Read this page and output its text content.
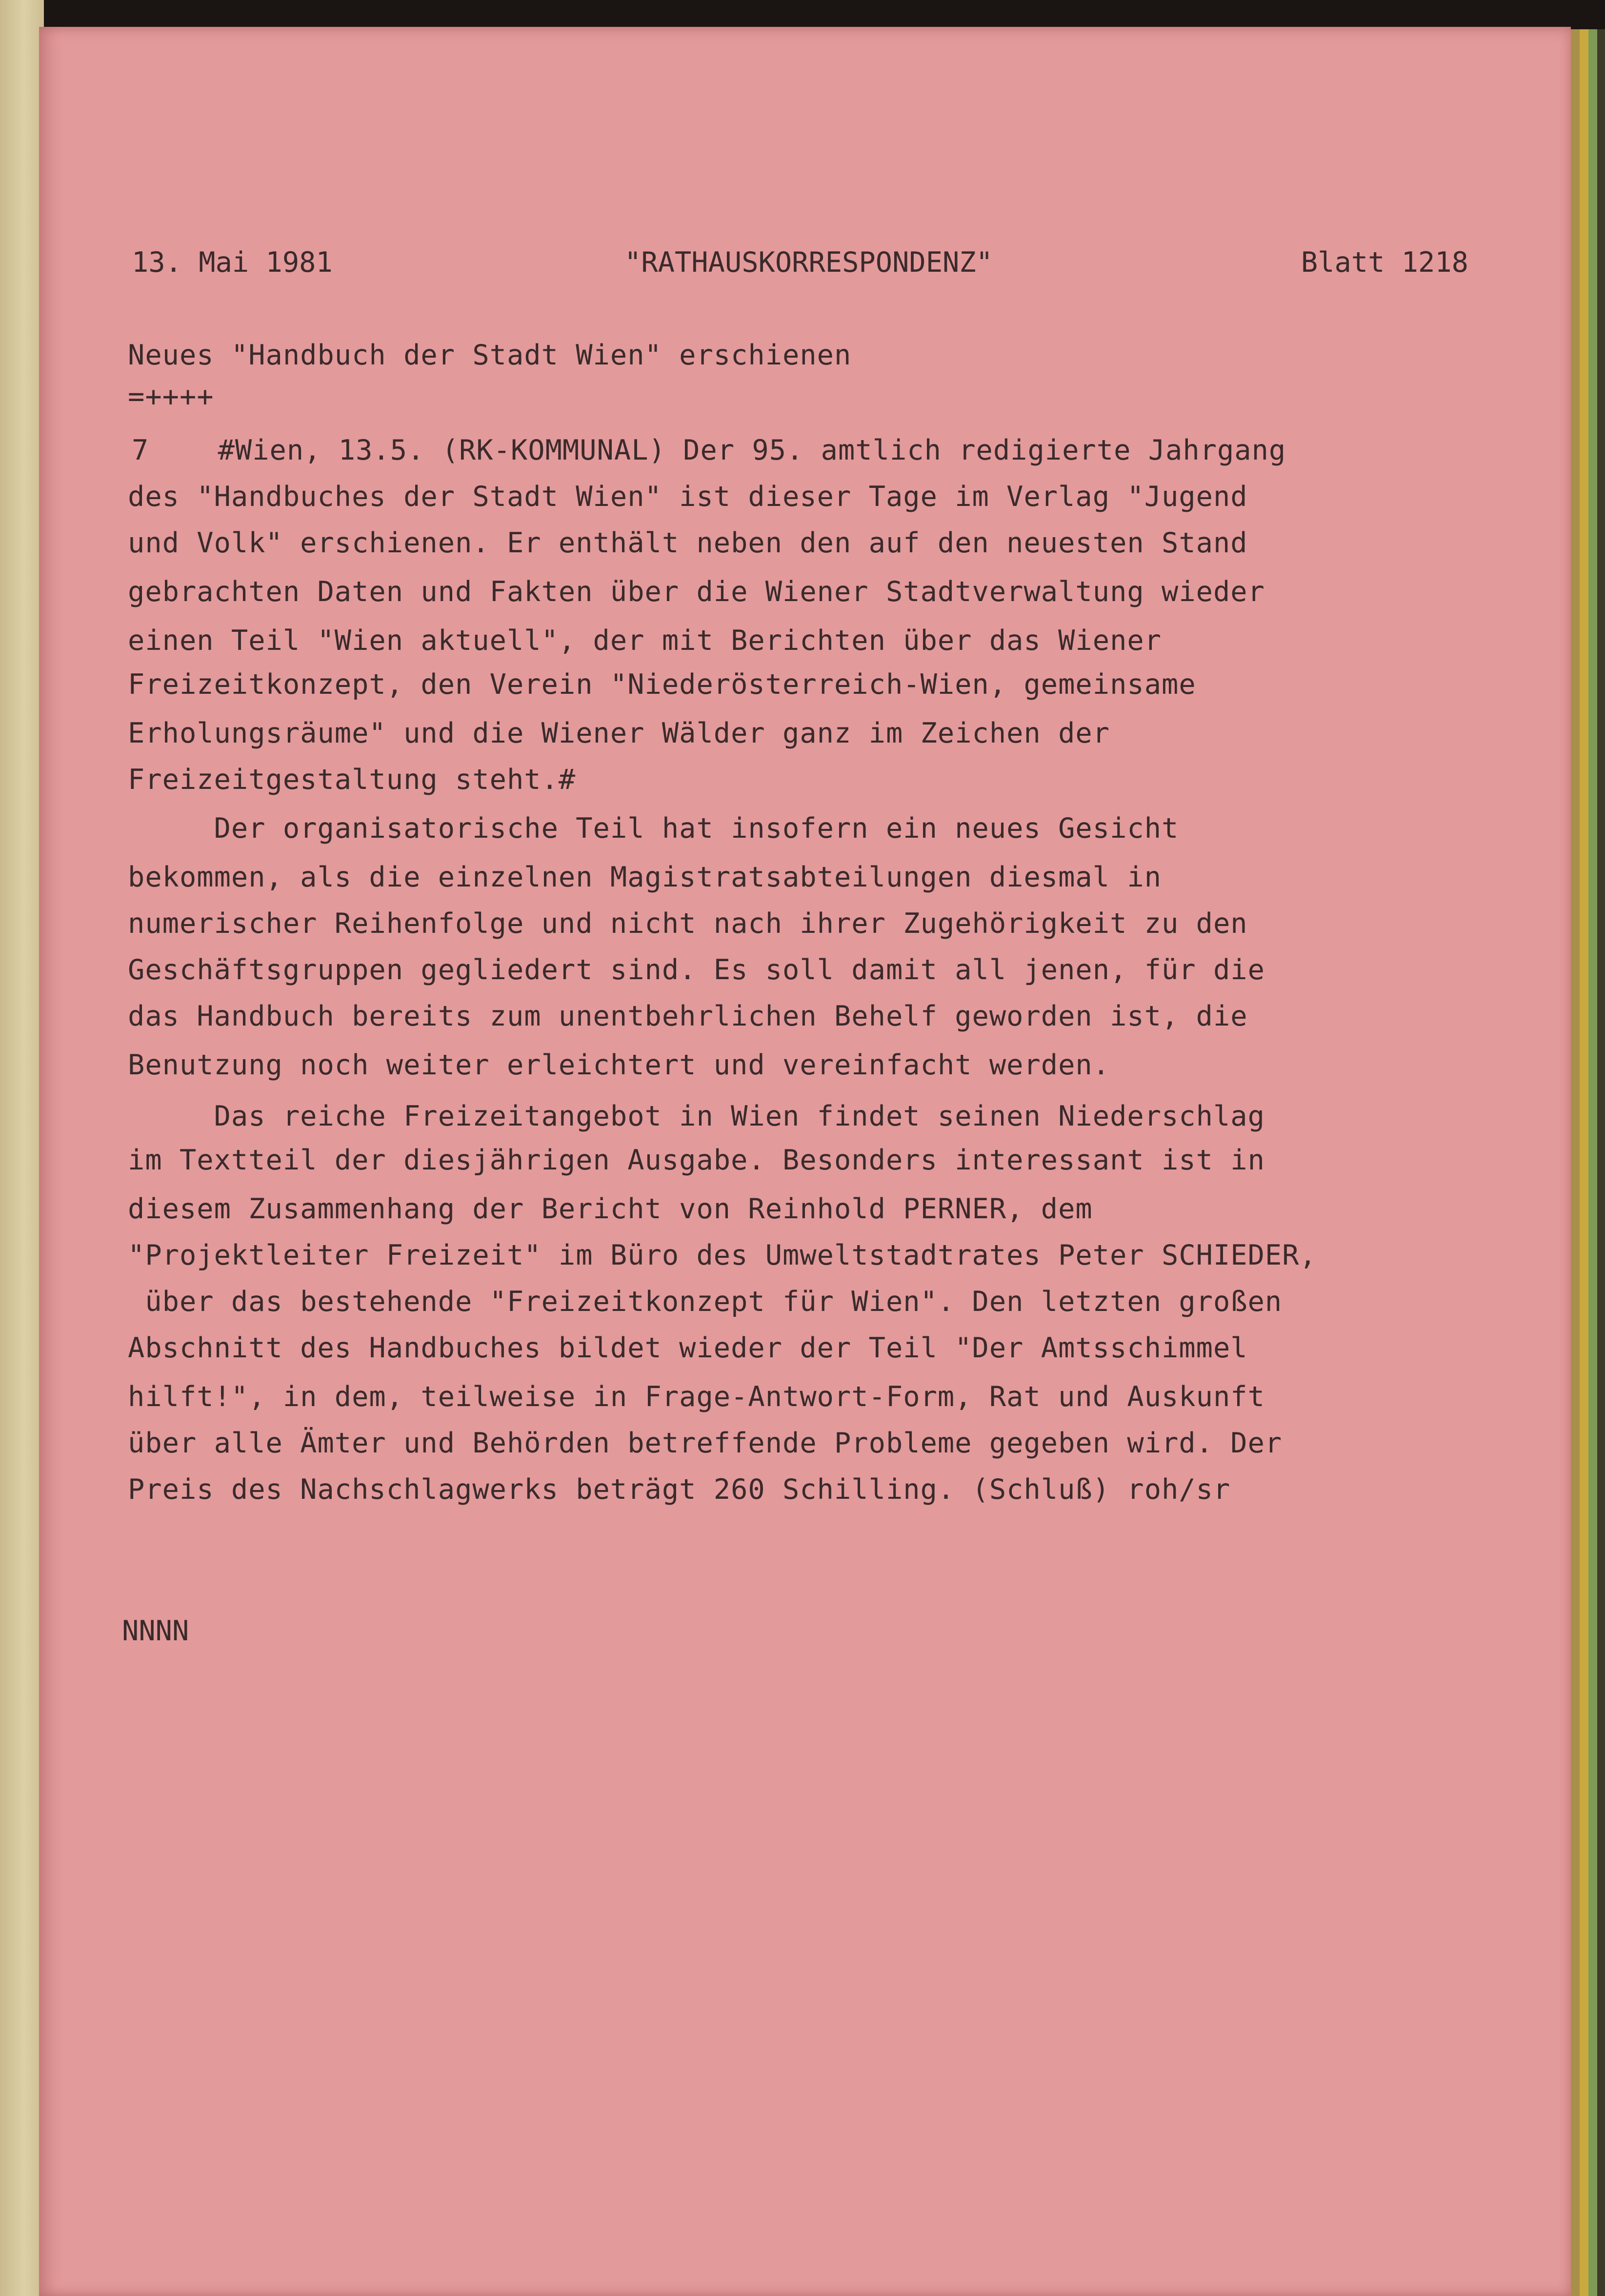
13. Mai 1981	"RATHAUSKORRESPONDENZ"	Blatt 1218
Neues "Handbuch der Stadt Wien" erschienen
=++++
7    #Wien, 13.5. (RK-KOMMUNAL) Der 95. amtlich redigierte Jahrgang
des "Handbuches der Stadt Wien" ist dieser Tage im Verlag "Jugend
und Volk" erschienen. Er enthält neben den auf den neuesten Stand
gebrachten Daten und Fakten über die Wiener Stadtverwaltung wieder
einen Teil "Wien aktuell", der mit Berichten über das Wiener
Freizeitkonzept, den Verein "Niederösterreich-Wien, gemeinsame
Erholungsräume" und die Wiener Wälder ganz im Zeichen der
Freizeitgestaltung steht.#
Der organisatorische Teil hat insofern ein neues Gesicht
bekommen, als die einzelnen Magistratsabteilungen diesmal in
numerischer Reihenfolge und nicht nach ihrer Zugehörigkeit zu den
Geschäftsgruppen gegliedert sind. Es soll damit all jenen, für die
das Handbuch bereits zum unentbehrlichen Behelf geworden ist, die
Benutzung noch weiter erleichtert und vereinfacht werden.
Das reiche Freizeitangebot in Wien findet seinen Niederschlag
im Textteil der diesjährigen Ausgabe. Besonders interessant ist in
diesem Zusammenhang der Bericht von Reinhold PERNER, dem
"Projektleiter Freizeit" im Büro des Umweltstadtrates Peter SCHIEDER,
über das bestehende "Freizeitkonzept für Wien". Den letzten großen
Abschnitt des Handbuches bildet wieder der Teil "Der Amtsschimmel
hilft!", in dem, teilweise in Frage-Antwort-Form, Rat und Auskunft
über alle Ämter und Behörden betreffende Probleme gegeben wird. Der
Preis des Nachschlagwerks beträgt 260 Schilling. (Schluß) roh/sr
NNNN
